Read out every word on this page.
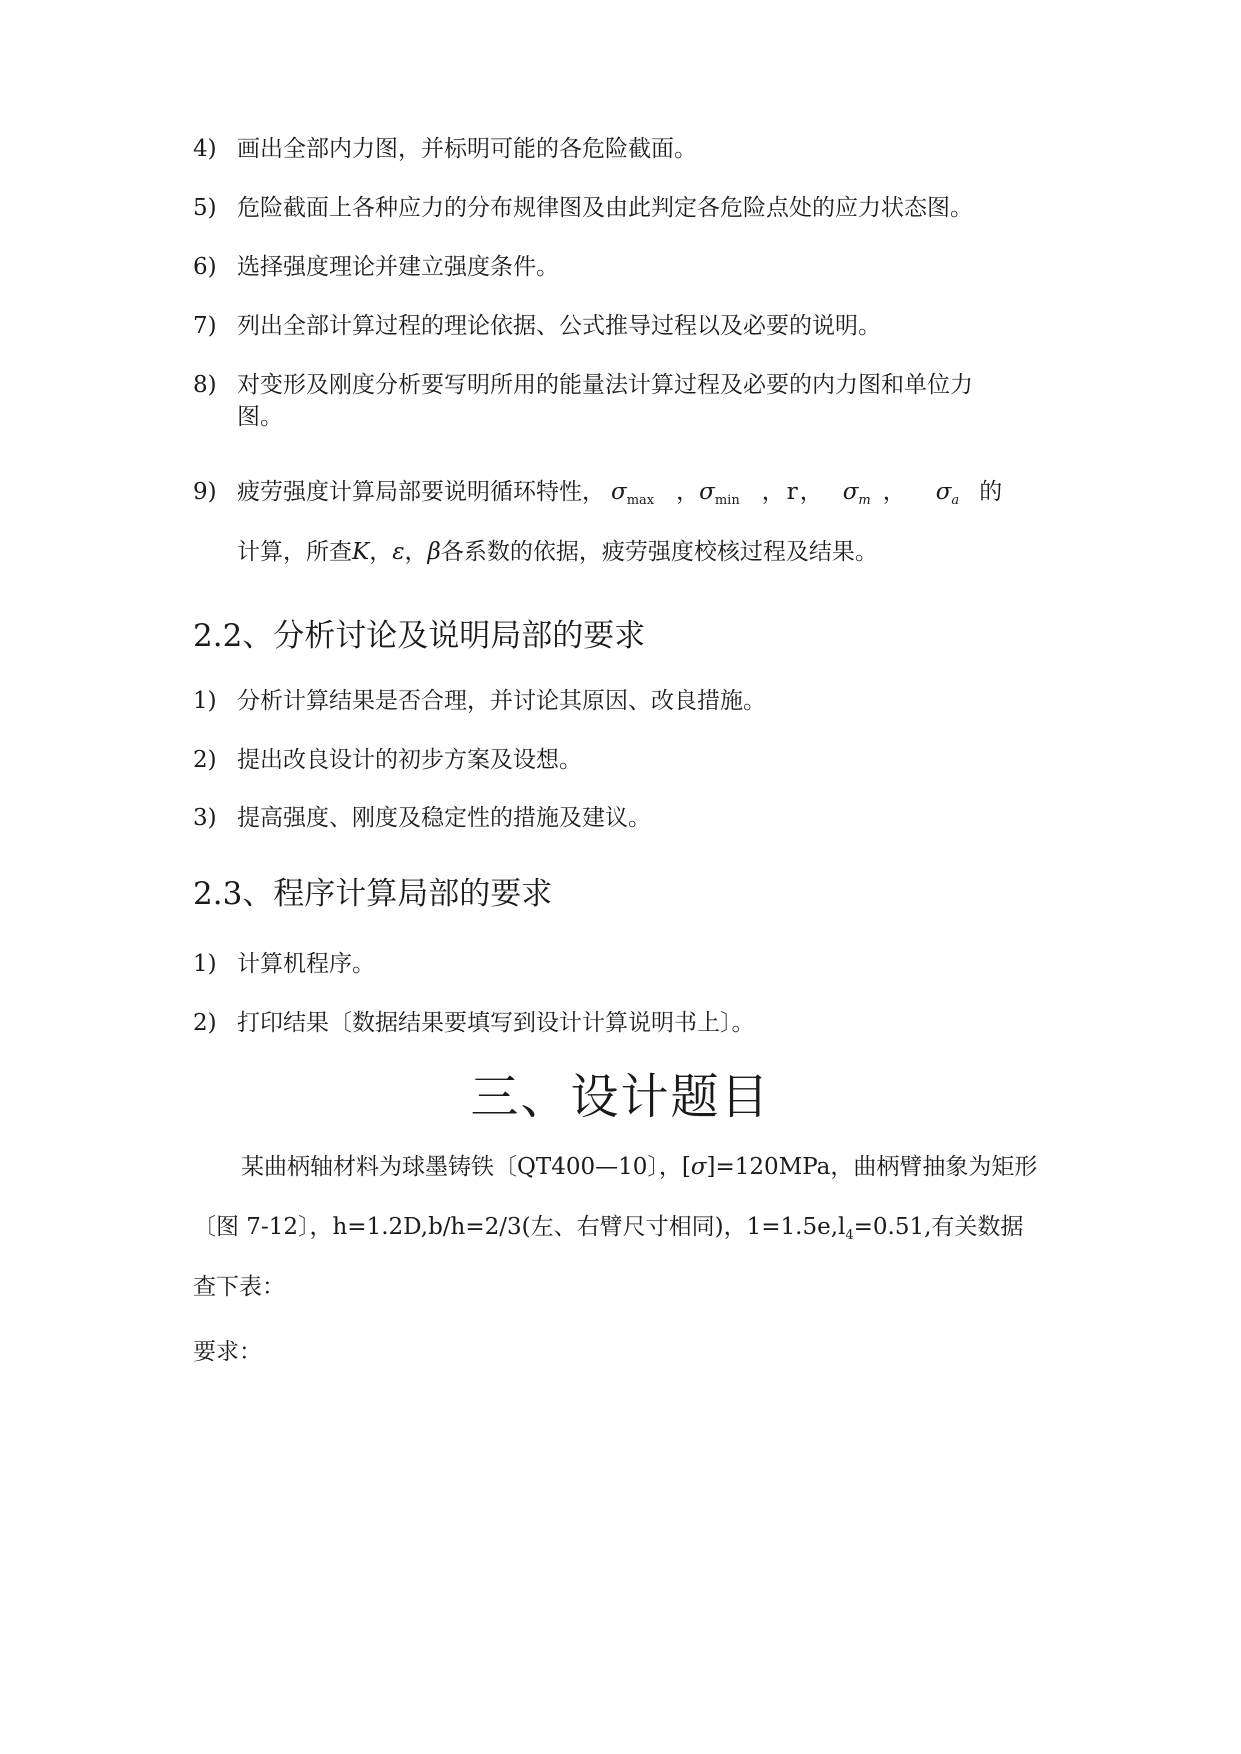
4) 画出全部内力图，并标明可能的各危险截面。
5) 危险截面上各种应力的分布规律图及由此判定各危险点处的应力状态图。
6) 选择强度理论并建立强度条件。
7) 列出全部计算过程的理论依据、公式推导过程以及必要的说明。
8) 对变形及刚度分析要写明所用的能量法计算过程及必要的内力图和单位力
图。
9) 疲劳强度计算局部要说明循环特性， $\sigma_{max}$ ，$\sigma_{min}$ ，r， $\sigma_m$ ， $\sigma_a$ 的
计算，所查K，ε，β各系数的依据，疲劳强度校核过程及结果。
2.2、分析讨论及说明局部的要求
1) 分析计算结果是否合理，并讨论其原因、改良措施。
2) 提出改良设计的初步方案及设想。
3) 提高强度、刚度及稳定性的措施及建议。
2.3、程序计算局部的要求
1) 计算机程序。
2) 打印结果〔数据结果要填写到设计计算说明书上〕。
三、设计题目
某曲柄轴材料为球墨铸铁〔QT400—10〕，[σ]=120MPa，曲柄臂抽象为矩形
〔图 7-12〕，h=1.2D,b/h=2/3(左、右臂尺寸相同)，$1=1.5e,l_4=0.51$,有关数据
查下表：
要求：
